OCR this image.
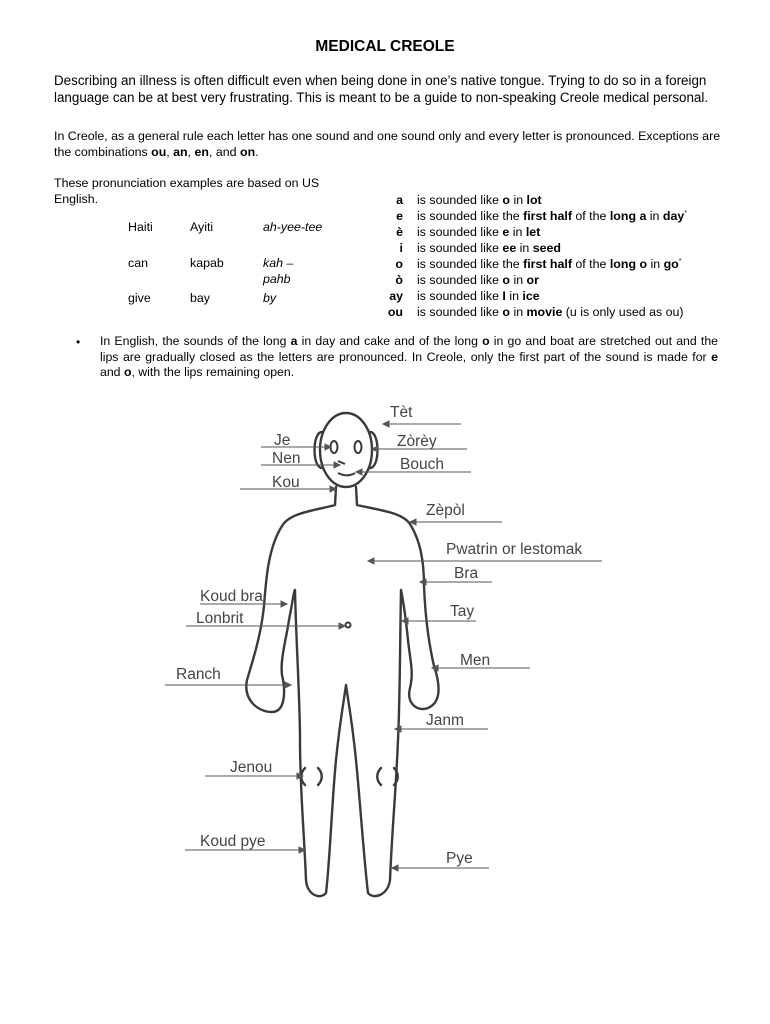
MEDICAL CREOLE
Describing an illness is often difficult even when being done in one’s native tongue. Trying to do so in a foreign language can be at best very frustrating. This is meant to be a guide to non-speaking Creole medical personal.
In Creole, as a general rule each letter has one sound and one sound only and every letter is pronounced. Exceptions are the combinations ou, an, en, and on.
These pronunciation examples are based on US English.
Haiti	Ayiti	ah-yee-tee
can	kapab	kah – pahb
give	bay	by
a is sounded like o in lot
e is sounded like the first half of the long a in day*
è is sounded like e in let
i is sounded like ee in seed
o is sounded like the first half of the long o in go*
ò is sounded like o in or
ay is sounded like I in ice
ou is sounded like o in movie (u is only used as ou)
• In English, the sounds of the long a in day and cake and of the long o in go and boat are stretched out and the lips are gradually closed as the letters are pronounced. In Creole, only the first part of the sound is made for e and o, with the lips remaining open.
Tèt
Je	Zòrèy
Nen	Bouch
Kou
Zèpòl
Pwatrin or lestomak
Bra
Koud bra
Tay
Lonbrit
Men
Ranch
Janm
Jenou
Koud pye
Pye
